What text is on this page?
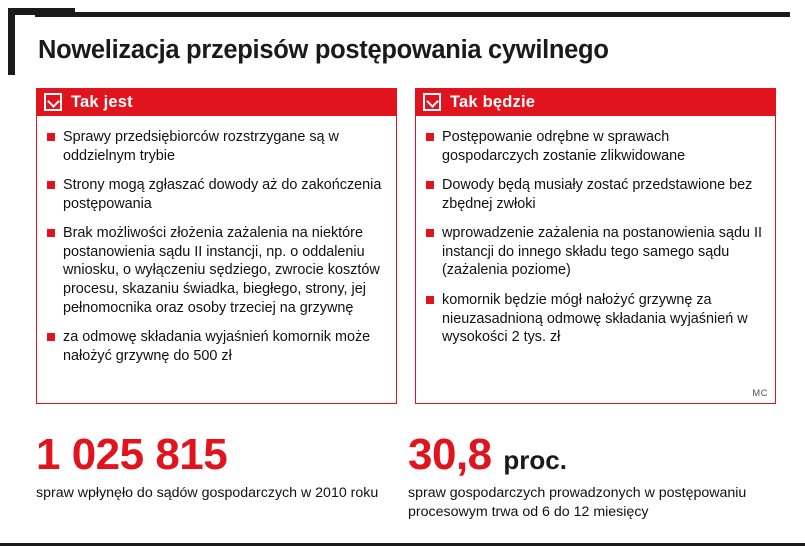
Nowelizacja przepisów postępowania cywilnego
Tak jest
Sprawy przedsiębiorców rozstrzygane są w oddzielnym trybie
Strony mogą zgłaszać dowody aż do zakończenia postępowania
Brak możliwości złożenia zażalenia na niektóre postanowienia sądu II instancji, np. o oddaleniu wniosku, o wyłączeniu sędziego, zwrocie kosztów procesu, skazaniu świadka, biegłego, strony, jej pełnomocnika oraz osoby trzeciej na grzywnę
za odmowę składania wyjaśnień komornik może nałożyć grzywnę do 500 zł
Tak będzie
Postępowanie odrębne w sprawach gospodarczych zostanie zlikwidowane
Dowody będą musiały zostać przedstawione bez zbędnej zwłoki
wprowadzenie zażalenia na postanowienia sądu II instancji do innego składu tego samego sądu (zażalenia poziome)
komornik będzie mógł nałożyć grzywnę za nieuzasadnioną odmowę składania wyjaśnień w wysokości 2 tys. zł
MC
1 025 815
spraw wpłynęło do sądów gospodarczych w 2010 roku
30,8 proc.
spraw gospodarczych prowadzonych w postępowaniu procesowym trwa od 6 do 12 miesięcy
